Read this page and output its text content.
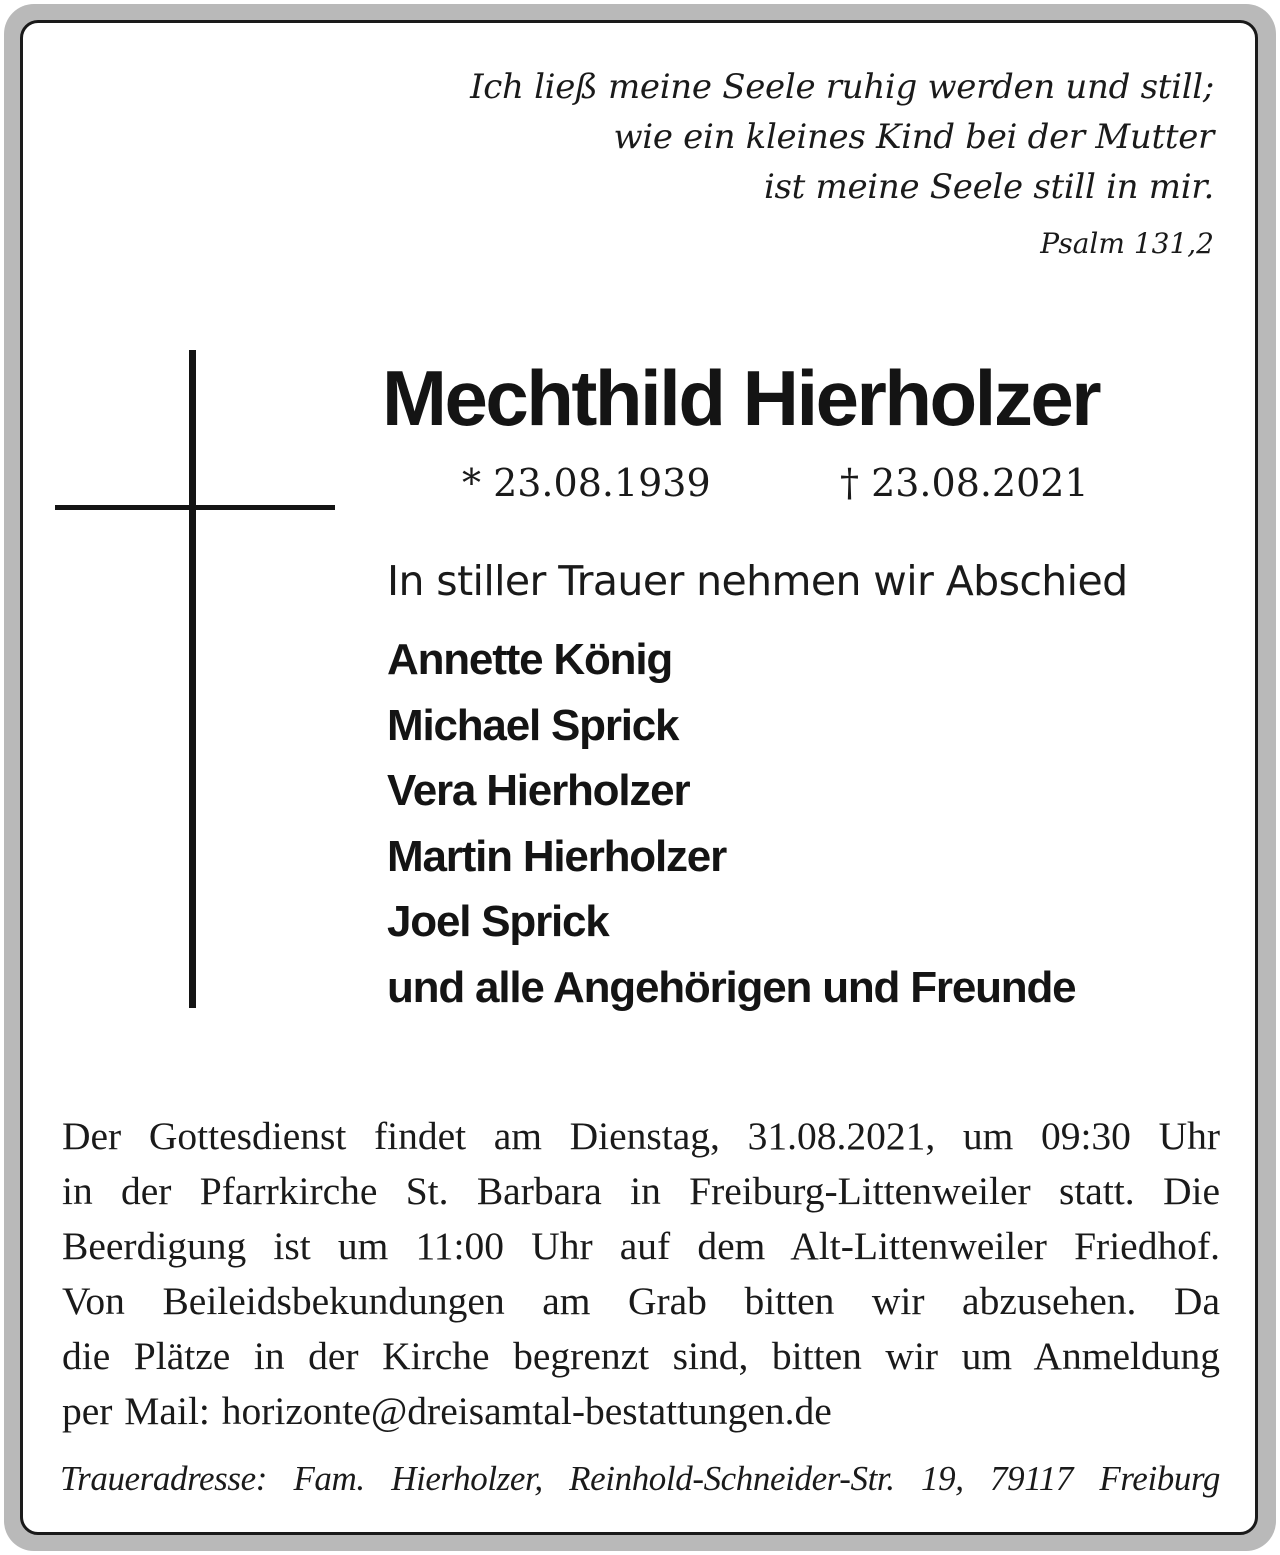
Ich ließ meine Seele ruhig werden und still;
wie ein kleines Kind bei der Mutter
ist meine Seele still in mir.
Psalm 131,2
Mechthild Hierholzer
* 23.08.1939	† 23.08.2021
In stiller Trauer nehmen wir Abschied
Annette König
Michael Sprick
Vera Hierholzer
Martin Hierholzer
Joel Sprick
und alle Angehörigen und Freunde
Der Gottesdienst findet am Dienstag, 31.08.2021, um 09:30 Uhr
in der Pfarrkirche St. Barbara in Freiburg-Littenweiler statt. Die
Beerdigung ist um 11:00 Uhr auf dem Alt-Littenweiler Friedhof.
Von Beileidsbekundungen am Grab bitten wir abzusehen. Da
die Plätze in der Kirche begrenzt sind, bitten wir um Anmeldung
per Mail: horizonte@dreisamtal-bestattungen.de
Traueradresse: Fam. Hierholzer, Reinhold-Schneider-Str. 19, 79117 Freiburg
